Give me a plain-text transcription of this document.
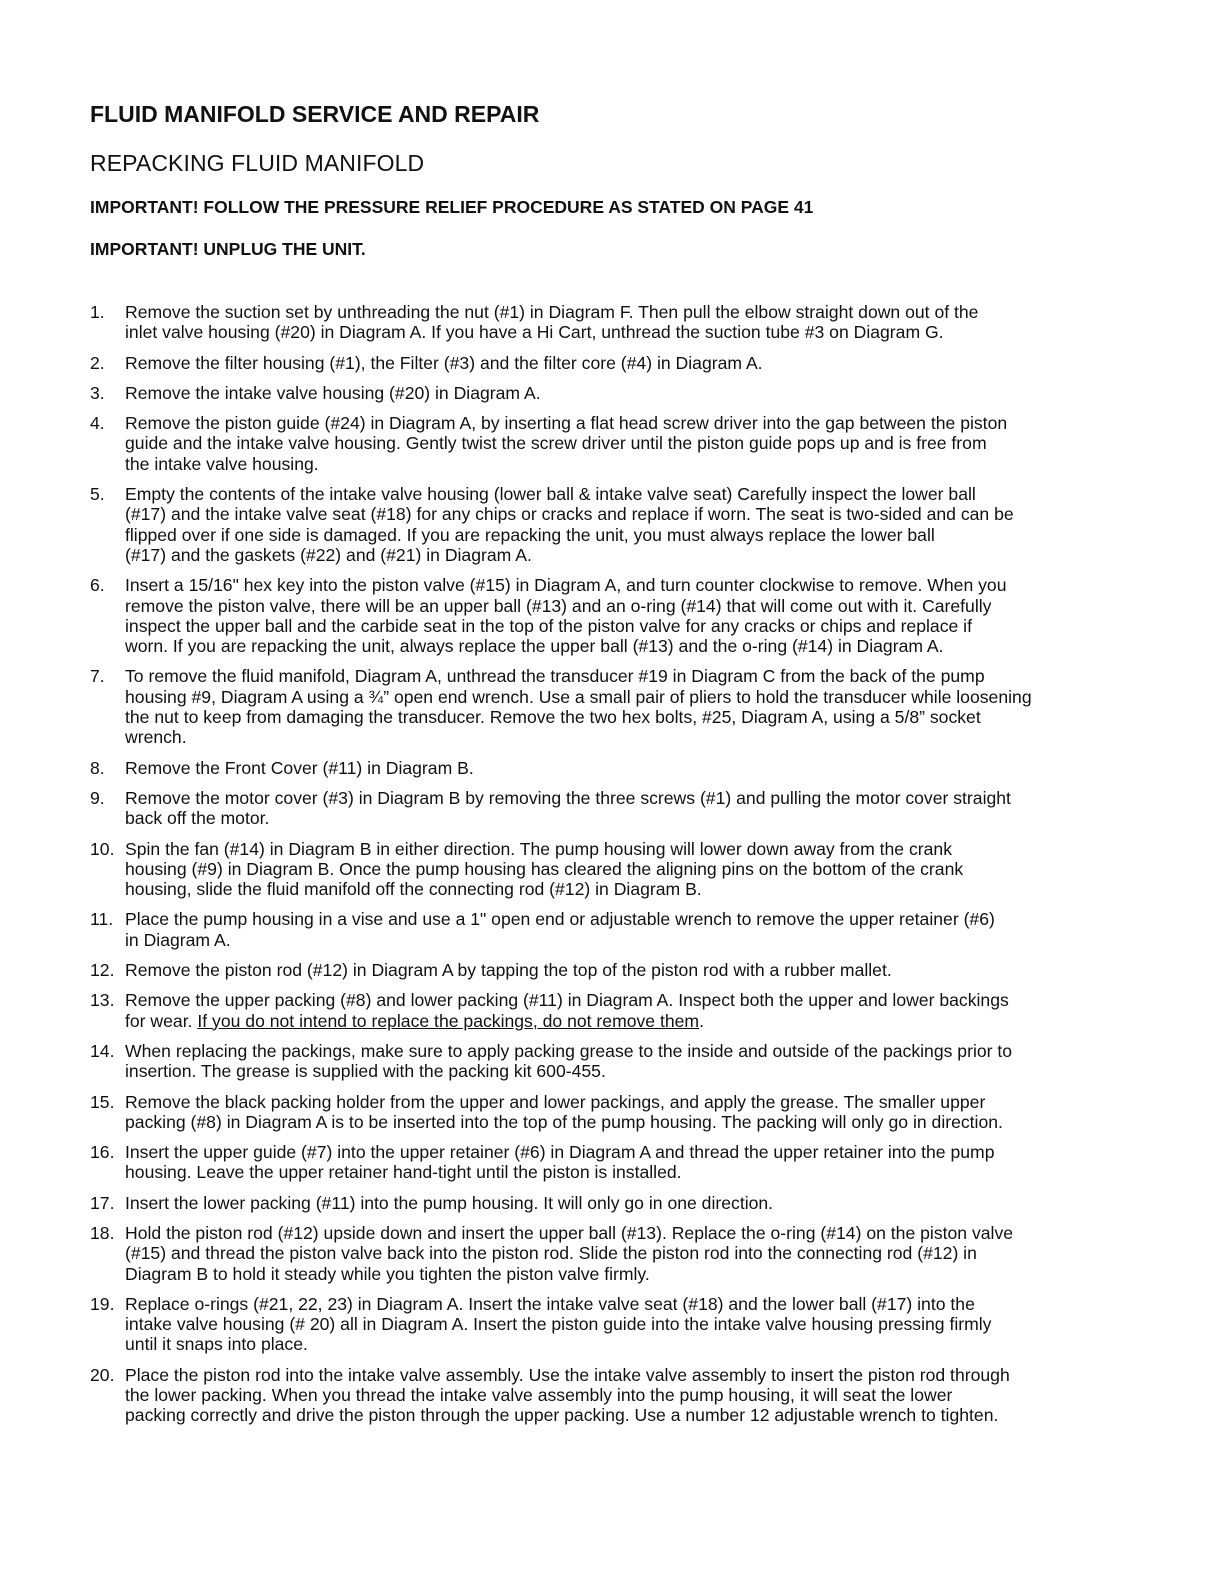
FLUID MANIFOLD SERVICE AND REPAIR
REPACKING FLUID MANIFOLD

IMPORTANT! FOLLOW THE PRESSURE RELIEF PROCEDURE AS STATED ON PAGE 41

IMPORTANT! UNPLUG THE UNIT.

1. Remove the suction set by unthreading the nut (#1) in Diagram F. Then pull the elbow straight down out of the
inlet valve housing (#20) in Diagram A. If you have a Hi Cart, unthread the suction tube #3 on Diagram G.
2. Remove the filter housing (#1), the Filter (#3) and the filter core (#4) in Diagram A.
3. Remove the intake valve housing (#20) in Diagram A.
4. Remove the piston guide (#24) in Diagram A, by inserting a flat head screw driver into the gap between the piston
guide and the intake valve housing. Gently twist the screw driver until the piston guide pops up and is free from
the intake valve housing.
5. Empty the contents of the intake valve housing (lower ball & intake valve seat) Carefully inspect the lower ball
(#17) and the intake valve seat (#18) for any chips or cracks and replace if worn. The seat is two-sided and can be
flipped over if one side is damaged. If you are repacking the unit, you must always replace the lower ball
(#17) and the gaskets (#22) and (#21) in Diagram A.
6. Insert a 15/16" hex key into the piston valve (#15) in Diagram A, and turn counter clockwise to remove. When you
remove the piston valve, there will be an upper ball (#13) and an o-ring (#14) that will come out with it. Carefully
inspect the upper ball and the carbide seat in the top of the piston valve for any cracks or chips and replace if
worn. If you are repacking the unit, always replace the upper ball (#13) and the o-ring (#14) in Diagram A.
7. To remove the fluid manifold, Diagram A, unthread the transducer #19 in Diagram C from the back of the pump
housing #9, Diagram A using a ¾” open end wrench. Use a small pair of pliers to hold the transducer while loosening
the nut to keep from damaging the transducer. Remove the two hex bolts, #25, Diagram A, using a 5/8” socket
wrench.
8. Remove the Front Cover (#11) in Diagram B.
9. Remove the motor cover (#3) in Diagram B by removing the three screws (#1) and pulling the motor cover straight
back off the motor.
10. Spin the fan (#14) in Diagram B in either direction. The pump housing will lower down away from the crank
housing (#9) in Diagram B. Once the pump housing has cleared the aligning pins on the bottom of the crank
housing, slide the fluid manifold off the connecting rod (#12) in Diagram B.
11. Place the pump housing in a vise and use a 1" open end or adjustable wrench to remove the upper retainer (#6)
in Diagram A.
12. Remove the piston rod (#12) in Diagram A by tapping the top of the piston rod with a rubber mallet.
13. Remove the upper packing (#8) and lower packing (#11) in Diagram A. Inspect both the upper and lower backings
for wear. If you do not intend to replace the packings, do not remove them.
14. When replacing the packings, make sure to apply packing grease to the inside and outside of the packings prior to
insertion. The grease is supplied with the packing kit 600-455.
15. Remove the black packing holder from the upper and lower packings, and apply the grease. The smaller upper
packing (#8) in Diagram A is to be inserted into the top of the pump housing. The packing will only go in direction.
16. Insert the upper guide (#7) into the upper retainer (#6) in Diagram A and thread the upper retainer into the pump
housing. Leave the upper retainer hand-tight until the piston is installed.
17. Insert the lower packing (#11) into the pump housing. It will only go in one direction.
18. Hold the piston rod (#12) upside down and insert the upper ball (#13). Replace the o-ring (#14) on the piston valve
(#15) and thread the piston valve back into the piston rod. Slide the piston rod into the connecting rod (#12) in
Diagram B to hold it steady while you tighten the piston valve firmly.
19. Replace o-rings (#21, 22, 23) in Diagram A. Insert the intake valve seat (#18) and the lower ball (#17) into the
intake valve housing (# 20) all in Diagram A. Insert the piston guide into the intake valve housing pressing firmly
until it snaps into place.
20. Place the piston rod into the intake valve assembly. Use the intake valve assembly to insert the piston rod through
the lower packing. When you thread the intake valve assembly into the pump housing, it will seat the lower
packing correctly and drive the piston through the upper packing. Use a number 12 adjustable wrench to tighten.
